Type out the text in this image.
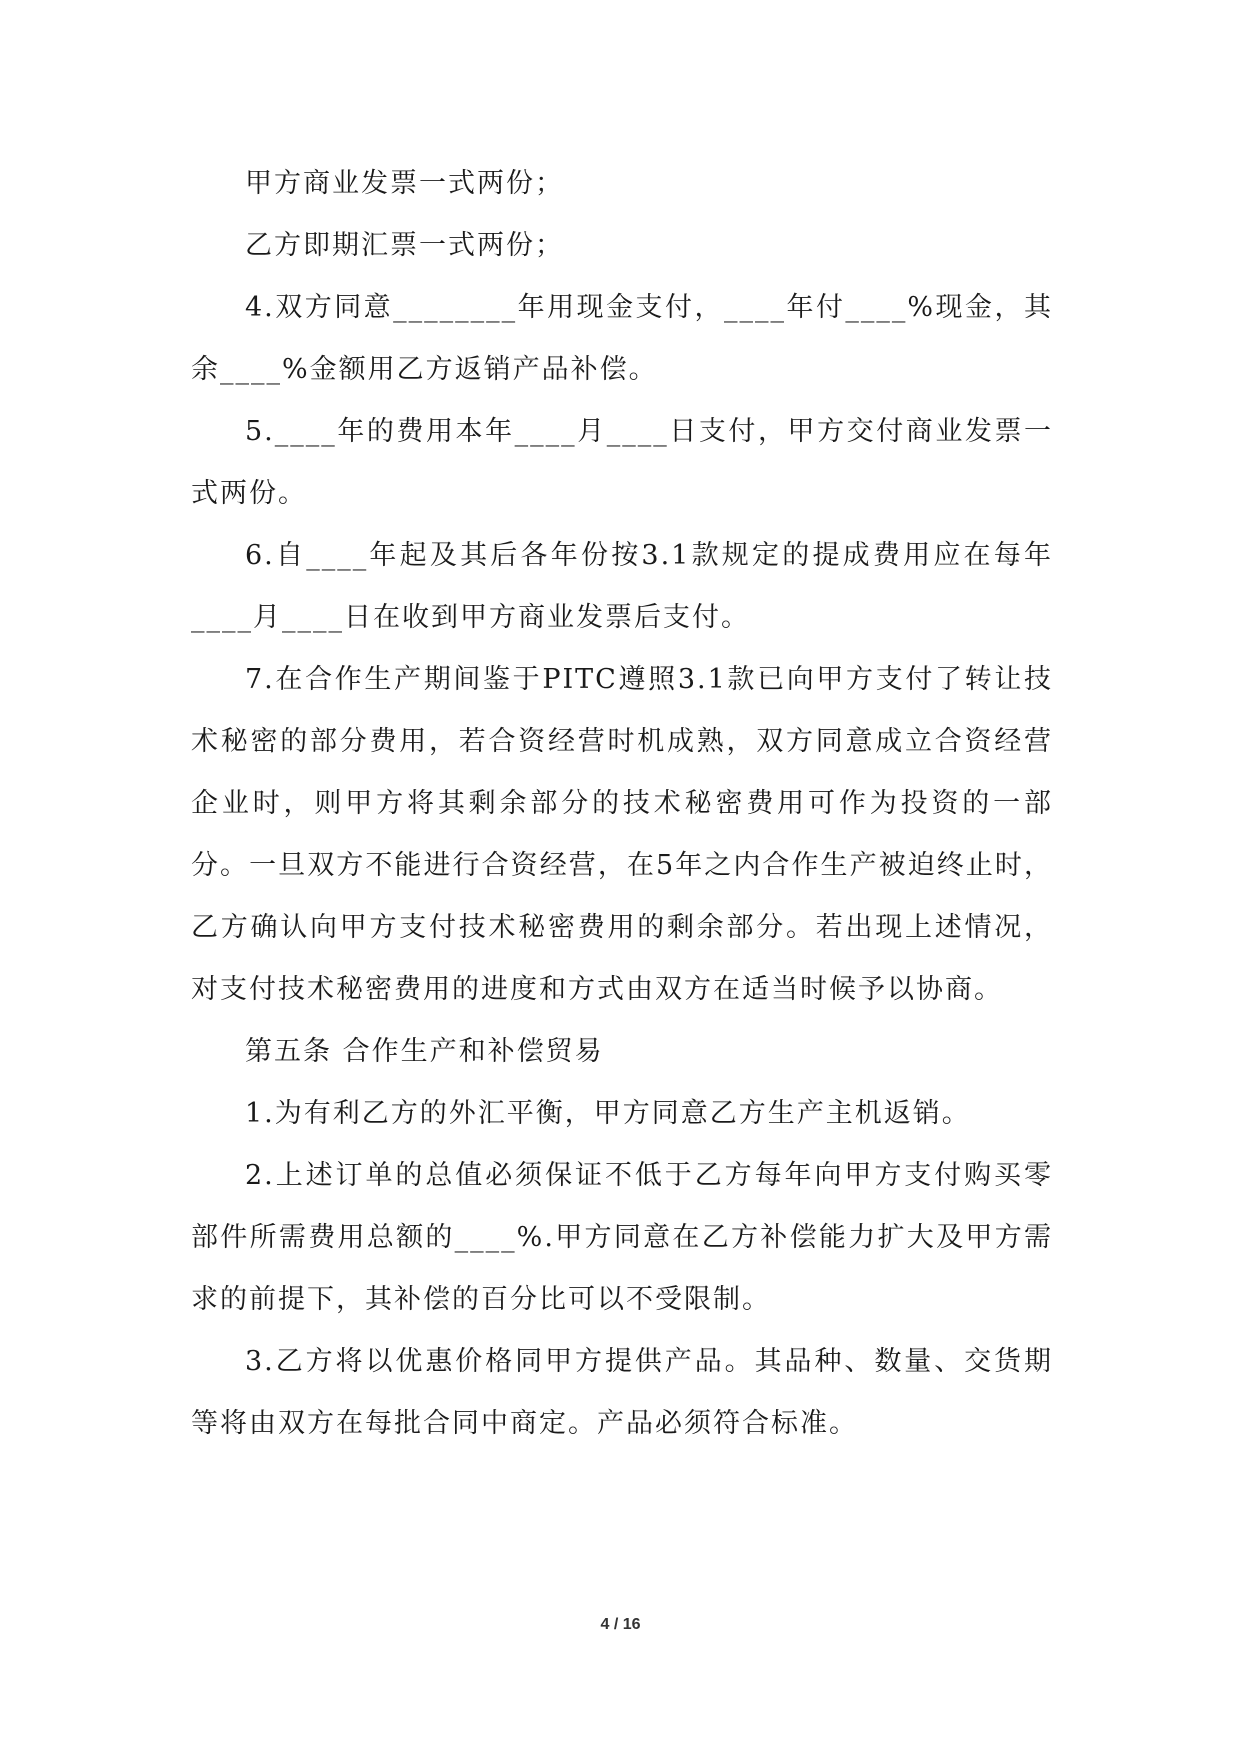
甲方商业发票一式两份；

乙方即期汇票一式两份；

4.双方同意________年用现金支付，____年付____%现金，其余____%金额用乙方返销产品补偿。

5.____年的费用本年____月____日支付，甲方交付商业发票一式两份。

6.自____年起及其后各年份按3.1款规定的提成费用应在每年____月____日在收到甲方商业发票后支付。

7.在合作生产期间鉴于PITC遵照3.1款已向甲方支付了转让技术秘密的部分费用，若合资经营时机成熟，双方同意成立合资经营企业时，则甲方将其剩余部分的技术秘密费用可作为投资的一部分。一旦双方不能进行合资经营，在5年之内合作生产被迫终止时，乙方确认向甲方支付技术秘密费用的剩余部分。若出现上述情况，对支付技术秘密费用的进度和方式由双方在适当时候予以协商。

第五条 合作生产和补偿贸易

1.为有利乙方的外汇平衡，甲方同意乙方生产主机返销。

2.上述订单的总值必须保证不低于乙方每年向甲方支付购买零部件所需费用总额的____%.甲方同意在乙方补偿能力扩大及甲方需求的前提下，其补偿的百分比可以不受限制。

3.乙方将以优惠价格同甲方提供产品。其品种、数量、交货期等将由双方在每批合同中商定。产品必须符合标准。

4 / 16
